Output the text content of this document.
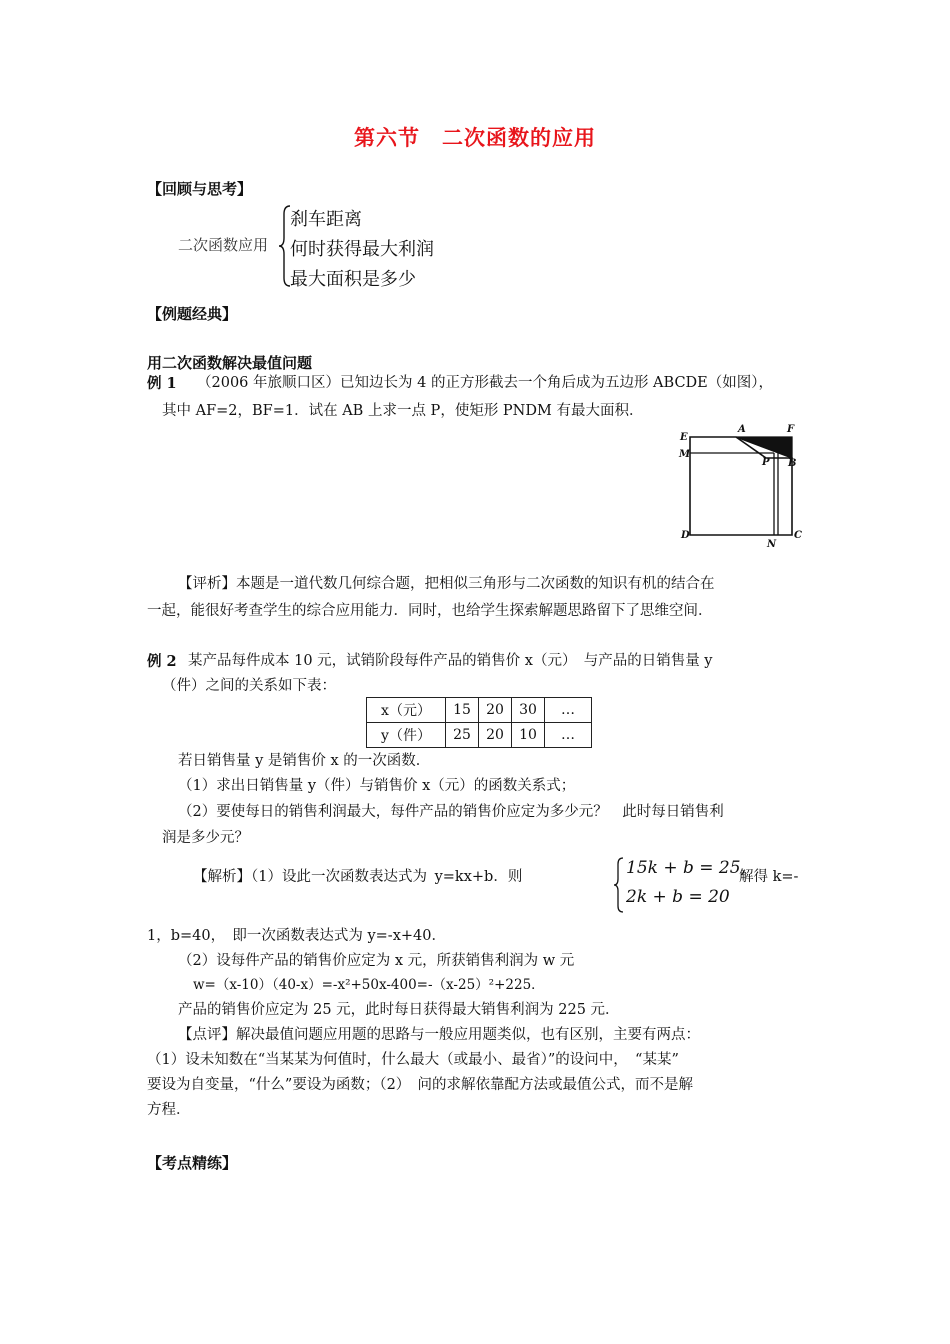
第六节　二次函数的应用
【回顾与思考】
二次函数应用
刹车距离
何时获得最大利润
最大面积是多少
【例题经典】
用二次函数解决最值问题
例 1 （2006 年旅顺口区）已知边长为 4 的正方形截去一个角后成为五边形 ABCDE（如图），
其中 AF=2，BF=1．试在 AB 上求一点 P，使矩形 PNDM 有最大面积．
A	F
E
M
P B
D
N
C
【评析】本题是一道代数几何综合题，把相似三角形与二次函数的知识有机的结合在
一起，能很好考查学生的综合应用能力．同时，也给学生探索解题思路留下了思维空间．
例 2 某产品每件成本 10 元，试销阶段每件产品的销售价 x（元）　与产品的日销售量 y
（件）之间的关系如下表：
x（元）	15	20	30	…
y（件）	25	20	10	…
若日销售量 y 是销售价 x 的一次函数．
（1）求出日销售量 y（件）与销售价 x（元）的函数关系式；
（2）要使每日的销售利润最大，每件产品的销售价应定为多少元？　此时每日销售利
润是多少元？
【解析】（1）设此一次函数表达式为 y=kx+b．则	15k + b = 25,
2k + b = 20
解得 k=-
1，b=40，　即一次函数表达式为 y=-x+40．
（2）设每件产品的销售价应定为 x 元，所获销售利润为 w 元
w=（x-10）（40-x）=-x²+50x-400=-（x-25）²+225．
产品的销售价应定为 25 元，此时每日获得最大销售利润为 225 元．
【点评】解决最值问题应用题的思路与一般应用题类似，也有区别，主要有两点：
（1）设未知数在“当某某为何值时，什么最大（或最小、最省）”的设问中，　“某某”
要设为自变量，“什么”要设为函数；（2）　问的求解依靠配方法或最值公式，而不是解
方程．
【考点精练】
